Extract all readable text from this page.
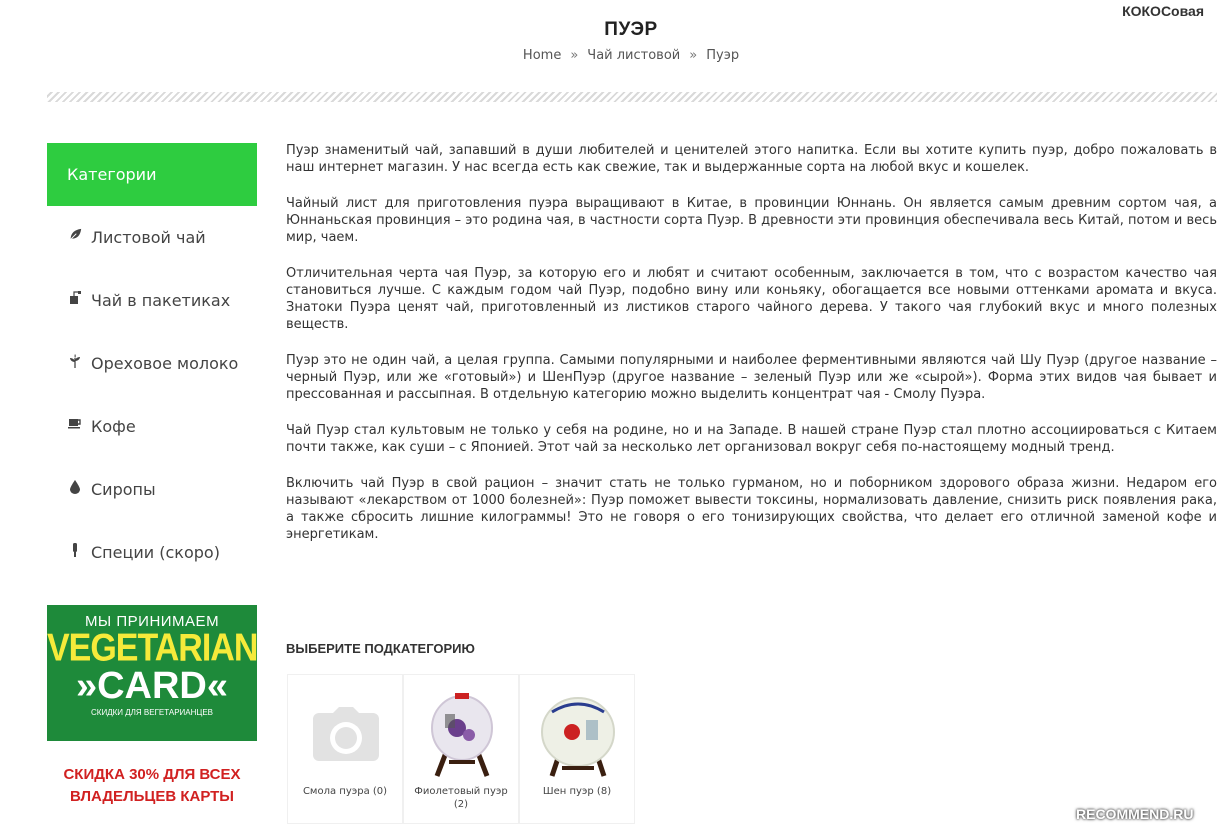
КОКОСовая
ПУЭР
Home » Чай листовой » Пуэр
Категории
Листовой чай
Чай в пакетиках
Ореховое молоко
Кофе
Сиропы
Специи (скоро)
МЫ ПРИНИМАЕМ
VEGETARIAN
»CARD«
СКИДКИ ДЛЯ ВЕГЕТАРИАНЦЕВ
СКИДКА 30% ДЛЯ ВСЕХ ВЛАДЕЛЬЦЕВ КАРТЫ

Пуэр знаменитый чай, запавший в души любителей и ценителей этого напитка. Если вы хотите купить пуэр, добро пожаловать в наш интернет магазин. У нас всегда есть как свежие, так и выдержанные сорта на любой вкус и кошелек.

Чайный лист для приготовления пуэра выращивают в Китае, в провинции Юннань. Он является самым древним сортом чая, а Юннаньская провинция – это родина чая, в частности сорта Пуэр. В древности эти провинция обеспечивала весь Китай, потом и весь мир, чаем.

Отличительная черта чая Пуэр, за которую его и любят и считают особенным, заключается в том, что с возрастом качество чая становиться лучше. С каждым годом чай Пуэр, подобно вину или коньяку, обогащается все новыми оттенками аромата и вкуса. Знатоки Пуэра ценят чай, приготовленный из листиков старого чайного дерева. У такого чая глубокий вкус и много полезных веществ.

Пуэр это не один чай, а целая группа. Самыми популярными и наиболее ферментивными являются чай Шу Пуэр (другое название – черный Пуэр, или же «готовый») и ШенПуэр (другое название – зеленый Пуэр или же «сырой»). Форма этих видов чая бывает и прессованная и рассыпная. В отдельную категорию можно выделить концентрат чая - Смолу Пуэра.

Чай Пуэр стал культовым не только у себя на родине, но и на Западе. В нашей стране Пуэр стал плотно ассоциироваться с Китаем почти также, как суши – с Японией. Этот чай за несколько лет организовал вокруг себя по-настоящему модный тренд.

Включить чай Пуэр в свой рацион – значит стать не только гурманом, но и поборником здорового образа жизни. Недаром его называют «лекарством от 1000 болезней»: Пуэр поможет вывести токсины, нормализовать давление, снизить риск появления рака, а также сбросить лишние килограммы! Это не говоря о его тонизирующих свойства, что делает его отличной заменой кофе и энергетикам.

ВЫБЕРИТЕ ПОДКАТЕГОРИЮ
Смола пуэра (0)	Фиолетовый пуэр (2)
Шен пуэр (8)
RECOMMEND.RU
